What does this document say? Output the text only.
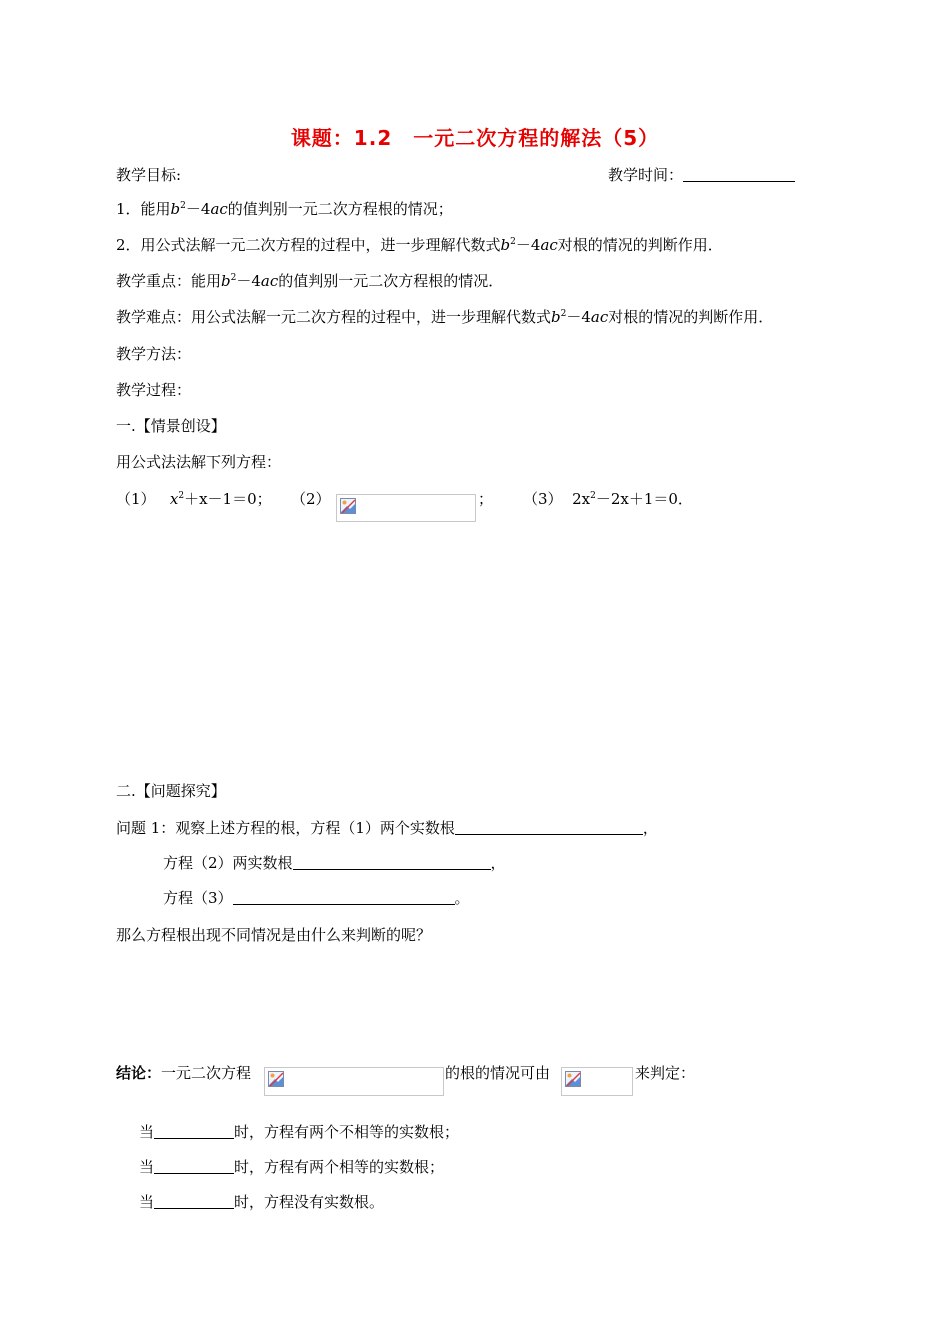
课题：1.2　一元二次方程的解法（5）
教学目标:	教学时间：
1．能用$b^2-4ac$的值判别一元二次方程根的情况；
2．用公式法解一元二次方程的过程中，进一步理解代数式$b^2-4ac$对根的情况的判断作用．
教学重点：能用$b^2-4ac$的值判别一元二次方程根的情况．
教学难点：用公式法解一元二次方程的过程中，进一步理解代数式$b^2-4ac$对根的情况的判断作用．
教学方法：
教学过程：
一.【情景创设】
用公式法法解下列方程：
（1） $x^2+x-1=0$； （2）	； （3） $2x^2-2x+1=0$．
二.【问题探究】
问题 1：观察上述方程的根，方程（1）两个实数根	，
方程（2）两实数根	，
方程（3）	。
那么方程根出现不同情况是由什么来判断的呢？
结论：一元二次方程	的根的情况可由	来判定：
当	时，方程有两个不相等的实数根；
当	时，方程有两个相等的实数根；
当	时，方程没有实数根。
